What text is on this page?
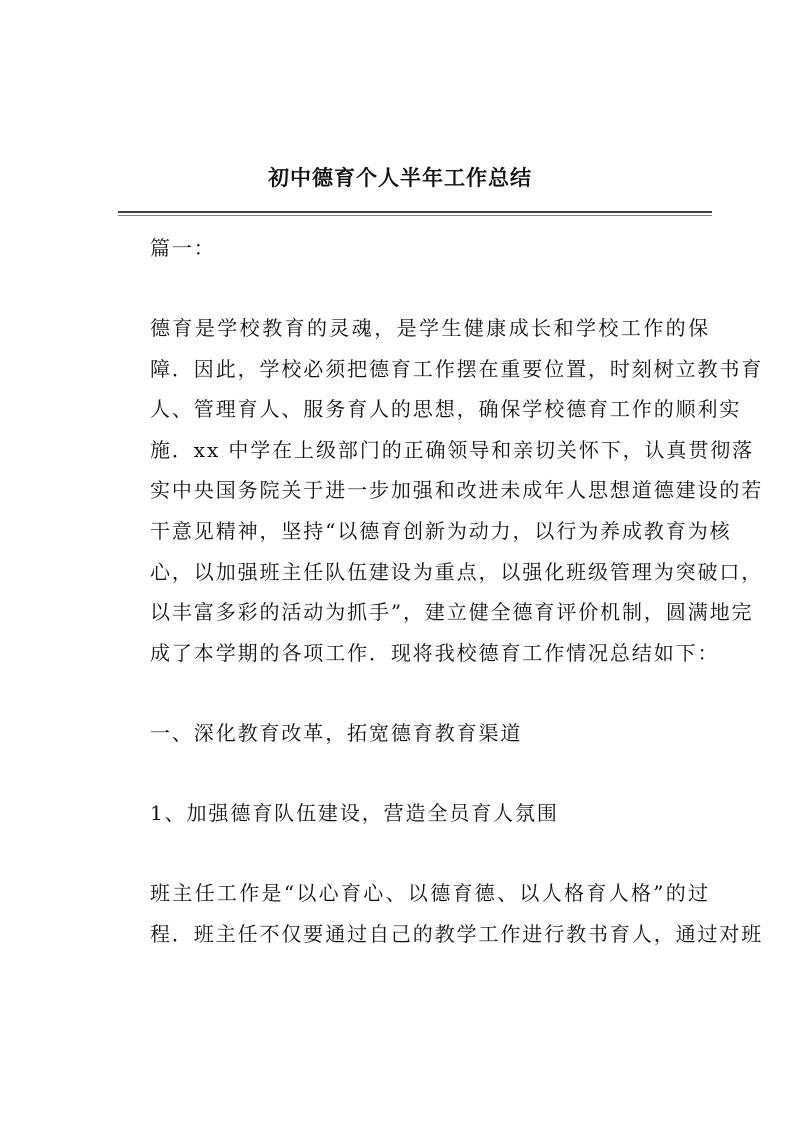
初中德育个人半年工作总结

篇一：

德育是学校教育的灵魂，是学生健康成长和学校工作的保
障．因此，学校必须把德育工作摆在重要位置，时刻树立教书育
人、管理育人、服务育人的思想，确保学校德育工作的顺利实
施．xx 中学在上级部门的正确领导和亲切关怀下，认真贯彻落
实中央国务院关于进一步加强和改进未成年人思想道德建设的若
干意见精神，坚持“以德育创新为动力，以行为养成教育为核
心，以加强班主任队伍建设为重点，以强化班级管理为突破口，
以丰富多彩的活动为抓手”，建立健全德育评价机制，圆满地完
成了本学期的各项工作．现将我校德育工作情况总结如下：

一、深化教育改革，拓宽德育教育渠道

1、加强德育队伍建设，营造全员育人氛围

班主任工作是“以心育心、以德育德、以人格育人格”的过
程．班主任不仅要通过自己的教学工作进行教书育人，通过对班
